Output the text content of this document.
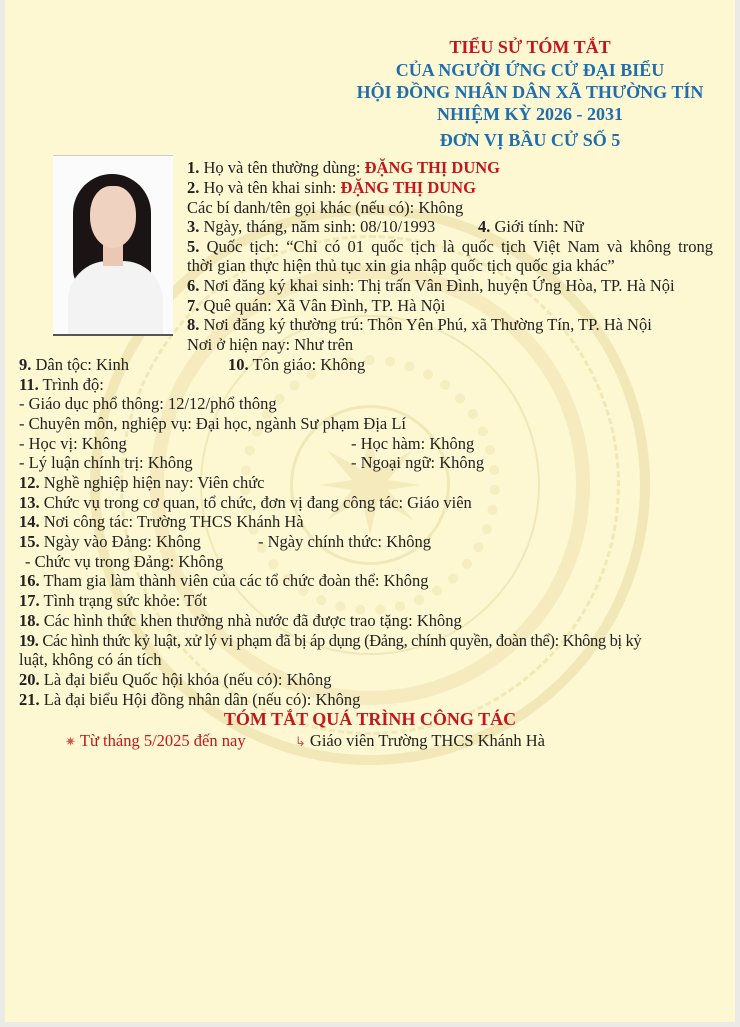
TIỂU SỬ TÓM TẮT
CỦA NGƯỜI ỨNG CỬ ĐẠI BIỂU
HỘI ĐỒNG NHÂN DÂN XÃ THƯỜNG TÍN
NHIỆM KỲ 2026 - 2031
ĐƠN VỊ BẦU CỬ SỐ 5
1. Họ và tên thường dùng: ĐẶNG THỊ DUNG
2. Họ và tên khai sinh: ĐẶNG THỊ DUNG
Các bí danh/tên gọi khác (nếu có): Không
3. Ngày, tháng, năm sinh: 08/10/1993	4. Giới tính: Nữ
5. Quốc tịch: “Chỉ có 01 quốc tịch là quốc tịch Việt Nam và không trong
thời gian thực hiện thủ tục xin gia nhập quốc tịch quốc gia khác”
6. Nơi đăng ký khai sinh: Thị trấn Vân Đình, huyện Ứng Hòa, TP. Hà Nội
7. Quê quán: Xã Vân Đình, TP. Hà Nội
8. Nơi đăng ký thường trú: Thôn Yên Phú, xã Thường Tín, TP. Hà Nội
Nơi ở hiện nay: Như trên
9. Dân tộc: Kinh	10. Tôn giáo: Không
11. Trình độ:
- Giáo dục phổ thông: 12/12/phổ thông
- Chuyên môn, nghiệp vụ: Đại học, ngành Sư phạm Địa Lí
- Học vị: Không	- Học hàm: Không
- Lý luận chính trị: Không	- Ngoại ngữ: Không
12. Nghề nghiệp hiện nay: Viên chức
13. Chức vụ trong cơ quan, tổ chức, đơn vị đang công tác: Giáo viên
14. Nơi công tác: Trường THCS Khánh Hà
15. Ngày vào Đảng: Không	- Ngày chính thức: Không
- Chức vụ trong Đảng: Không
16. Tham gia làm thành viên của các tổ chức đoàn thể: Không
17. Tình trạng sức khỏe: Tốt
18. Các hình thức khen thưởng nhà nước đã được trao tặng: Không
19. Các hình thức kỷ luật, xử lý vi phạm đã bị áp dụng (Đảng, chính quyền, đoàn thể): Không bị kỷ
luật, không có án tích
20. Là đại biểu Quốc hội khóa (nếu có): Không
21. Là đại biểu Hội đồng nhân dân (nếu có): Không
TÓM TẮT QUÁ TRÌNH CÔNG TÁC
✷ Từ tháng 5/2025 đến nay	↳ Giáo viên Trường THCS Khánh Hà
